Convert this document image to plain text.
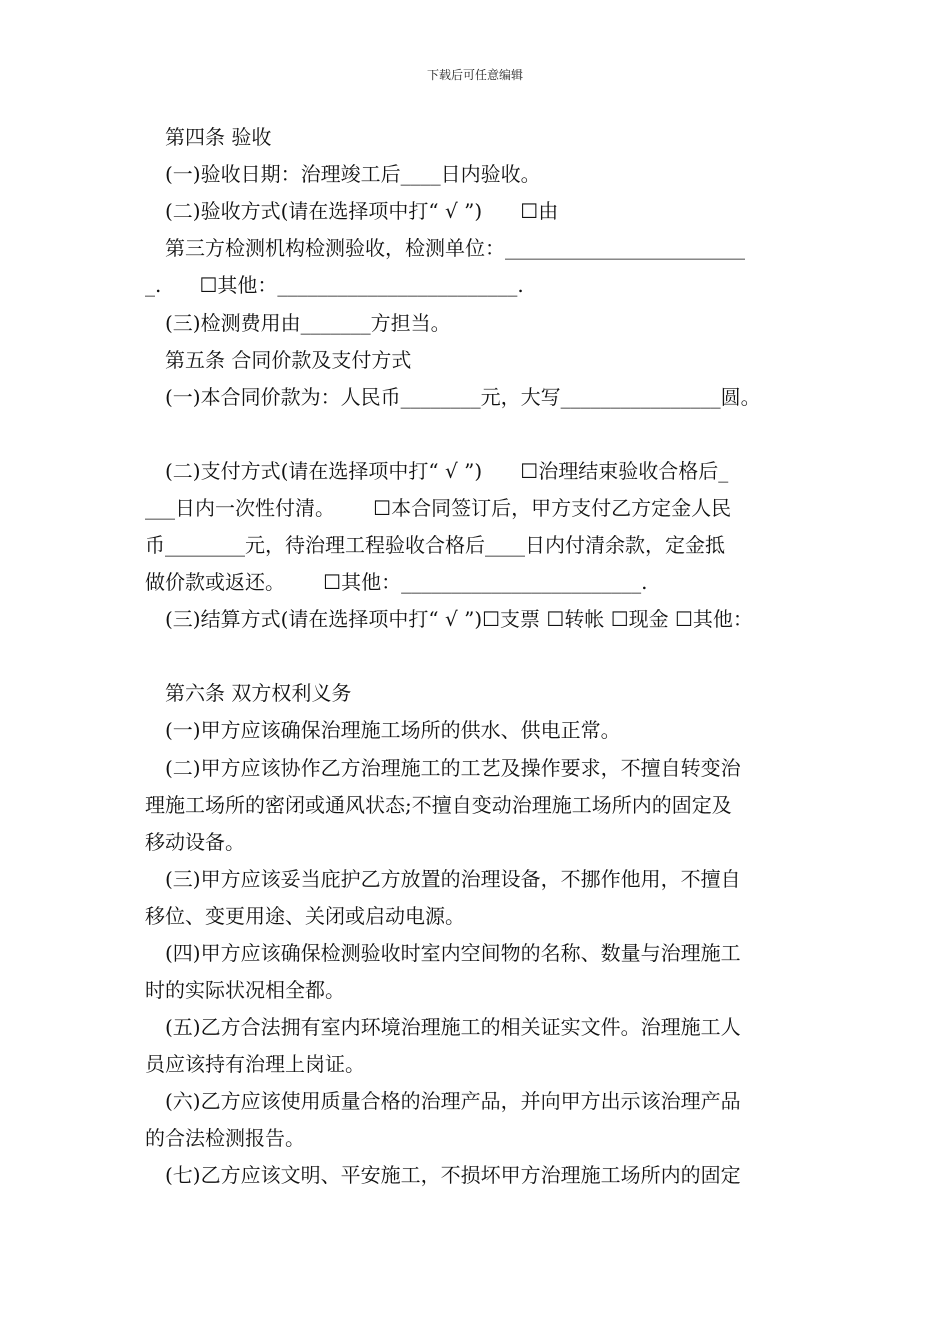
下载后可任意编辑
第四条 验收
(一)验收日期：治理竣工后____日内验收。
(二)验收方式(请在选择项中打“ √ ”)      ☐由
第三方检测机构检测验收，检测单位：________________________
_.      ☐其他：________________________.
(三)检测费用由_______方担当。
第五条 合同价款及支付方式
(一)本合同价款为：人民币________元，大写________________圆。
(二)支付方式(请在选择项中打“ √ ”)      ☐治理结束验收合格后_
___日内一次性付清。      ☐本合同签订后，甲方支付乙方定金人民
币________元，待治理工程验收合格后____日内付清余款，定金抵
做价款或返还。      ☐其他：________________________.
(三)结算方式(请在选择项中打“ √ ”)☐支票 ☐转帐 ☐现金 ☐其他：
第六条 双方权利义务
(一)甲方应该确保治理施工场所的供水、供电正常。
(二)甲方应该协作乙方治理施工的工艺及操作要求，不擅自转变治
理施工场所的密闭或通风状态;不擅自变动治理施工场所内的固定及
移动设备。
(三)甲方应该妥当庇护乙方放置的治理设备，不挪作他用，不擅自
移位、变更用途、关闭或启动电源。
(四)甲方应该确保检测验收时室内空间物的名称、数量与治理施工
时的实际状况相全都。
(五)乙方合法拥有室内环境治理施工的相关证实文件。治理施工人
员应该持有治理上岗证。
(六)乙方应该使用质量合格的治理产品，并向甲方出示该治理产品
的合法检测报告。
(七)乙方应该文明、平安施工，不损坏甲方治理施工场所内的固定
